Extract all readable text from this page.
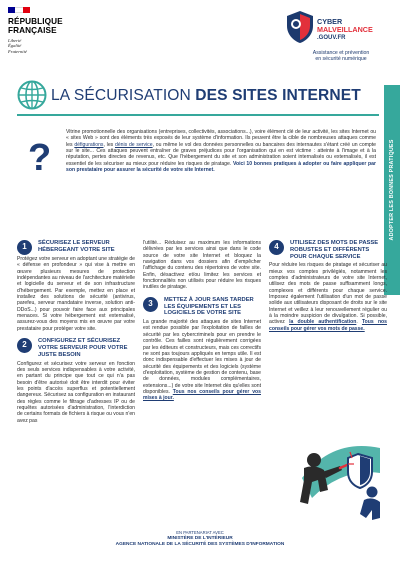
RÉPUBLIQUE
FRANÇAISE
Liberté
Égalité
Fraternité
CYBER
MALVEILLANCE
.GOUV.FR
Assistance et prévention
en sécurité numérique
ADOPTER LES BONNES PRATIQUES
LA SÉCURISATION DES SITES INTERNET
?
Vitrine promotionnelle des organisations (entreprises, collectivités, associations...), voire élément clé de leur activité, les sites Internet ou « sites Web » sont des éléments très exposés de leur système d'information. Ils peuvent être la cible de nombreuses attaques comme les défigurations, les dénis de service, ou même le vol des données personnelles ou bancaires des internautes s'étant créé un compte sur le site... Ces attaques peuvent entraîner de graves préjudices pour l'organisation qui en est victime : atteinte à l'image et à la réputation, pertes directes de revenus, etc. Que l'hébergement du site et son administration soient internalisés ou externalisés, il est essentiel de les sécuriser au mieux pour réduire les risques de piratage. Voici 10 bonnes pratiques à adopter ou faire appliquer par son prestataire pour assurer la sécurité de votre site Internet.
1	SÉCURISEZ LE SERVEUR HÉBERGEANT VOTRE SITE

Protégez votre serveur en adoptant une stratégie de « défense en profondeur » qui vise à mettre en œuvre plusieurs mesures de protection indépendantes au niveau de l'architecture matérielle et logicielle du serveur et de son infrastructure d'hébergement. Par exemple, mettez en place et installez des solutions de sécurité (antivirus, parefeu, serveur mandataire inverse, solution anti-DDoS...) pour pouvoir faire face aux principales menaces. Si votre hébergement est externalisé, assurez-vous des moyens mis en œuvre par votre prestataire pour protéger votre site.

2	CONFIGUREZ ET SÉCURISEZ VOTRE SERVEUR POUR VOTRE JUSTE BESOIN

Configurez et sécurisez votre serveur en fonction des seuls services indispensables à votre activité, en partant du principe que tout ce qui n'a pas besoin d'être autorisé doit être interdit pour éviter les points d'accès superflus et potentiellement dangereux. Sécurisez sa configuration en instaurant des règles comme le filtrage d'adresses IP ou de requêtes autorisées d'administration, l'interdiction de certains formats de fichiers à risque ou vous n'en avez pas

l'utilité... Réduisez au maximum les informations délivrées par les services ainsi que dans le code source de votre site Internet et bloquez la navigation dans vos dossiers afin d'empêcher l'affichage du contenu des répertoires de votre site. Enfin, désactivez et/ou limitez les services et fonctionnalités non utilisés pour réduire les risques inutiles de piratage.

3	METTEZ À JOUR SANS TARDER LES ÉQUIPEMENTS ET LES LOGICIELS DE VOTRE SITE

La grande majorité des attaques de sites Internet est rendue possible par l'exploitation de failles de sécurité par les cybercriminels pour en prendre le contrôle. Ces failles sont régulièrement corrigées par les éditeurs et constructeurs, mais ces correctifs ne sont pas toujours appliqués en temps utile. Il est donc indispensable d'effectuer les mises à jour de sécurité des équipements et des logiciels (système d'exploitation, système de gestion de contenu, base de données, modules complémentaires, extensions...) de votre site Internet dès qu'elles sont disponibles. Tous nos conseils pour gérer vos mises à jour.

4	UTILISEZ DES MOTS DE PASSE ROBUSTES ET DIFFÉRENTS POUR CHAQUE SERVICE

Pour réduire les risques de piratage et sécuriser au mieux vos comptes privilégiés, notamment les comptes d'administrateurs de votre site Internet, utilisez des mots de passe suffisamment longs, complexes et différents pour chaque service. Imposez également l'utilisation d'un mot de passe solide aux utilisateurs disposant de droits sur le site Internet et veillez à leur renouvellement régulier ou à la moindre suspicion de divulgation. Si possible, activez la double authentification. Tous nos conseils pour gérer vos mots de passe.

EN PARTENARIAT AVEC
MINISTÈRE DE L'INTÉRIEUR
AGENCE NATIONALE DE LA SÉCURITÉ DES SYSTÈMES D'INFORMATION
